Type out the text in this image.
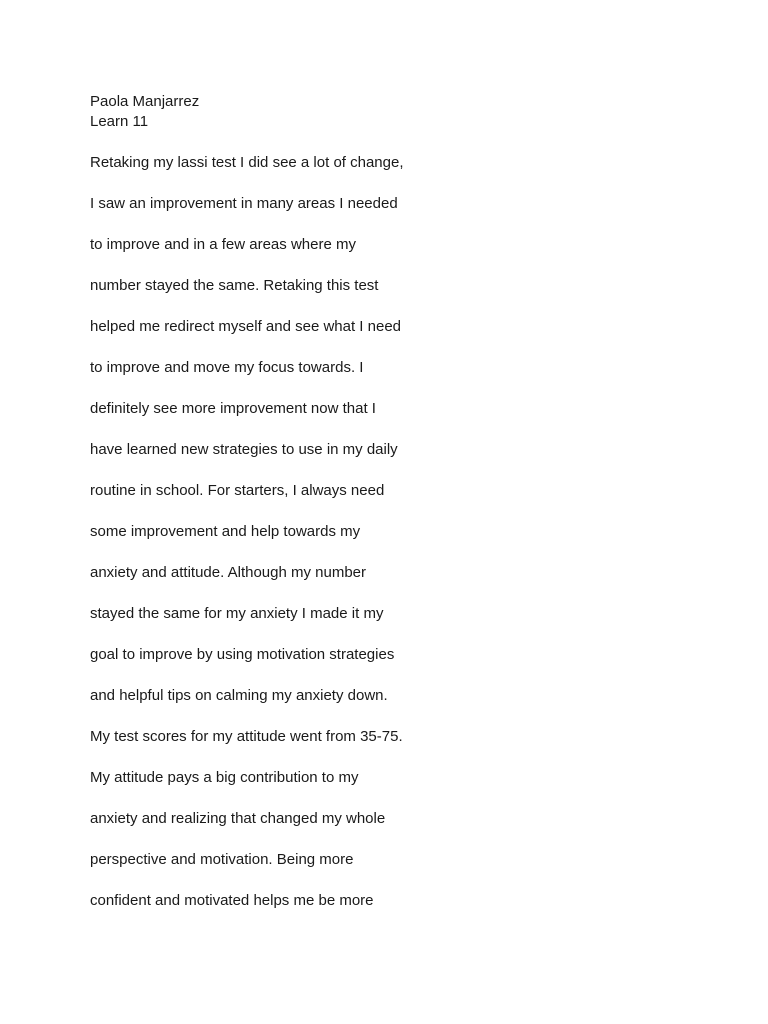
Paola Manjarrez
Learn 11
Retaking my lassi test I did see a lot of change,
I saw an improvement in many areas I needed
to improve and in a few areas where my
number stayed the same. Retaking this test
helped me redirect myself and see what I need
to improve and move my focus towards. I
definitely see more improvement now that I
have learned new strategies to use in my daily
routine in school. For starters, I always need
some improvement and help towards my
anxiety and attitude. Although my number
stayed the same for my anxiety I made it my
goal to improve by using motivation strategies
and helpful tips on calming my anxiety down.
My test scores for my attitude went from 35-75.
My attitude pays a big contribution to my
anxiety and realizing that changed my whole
perspective and motivation. Being more
confident and motivated helps me be more
